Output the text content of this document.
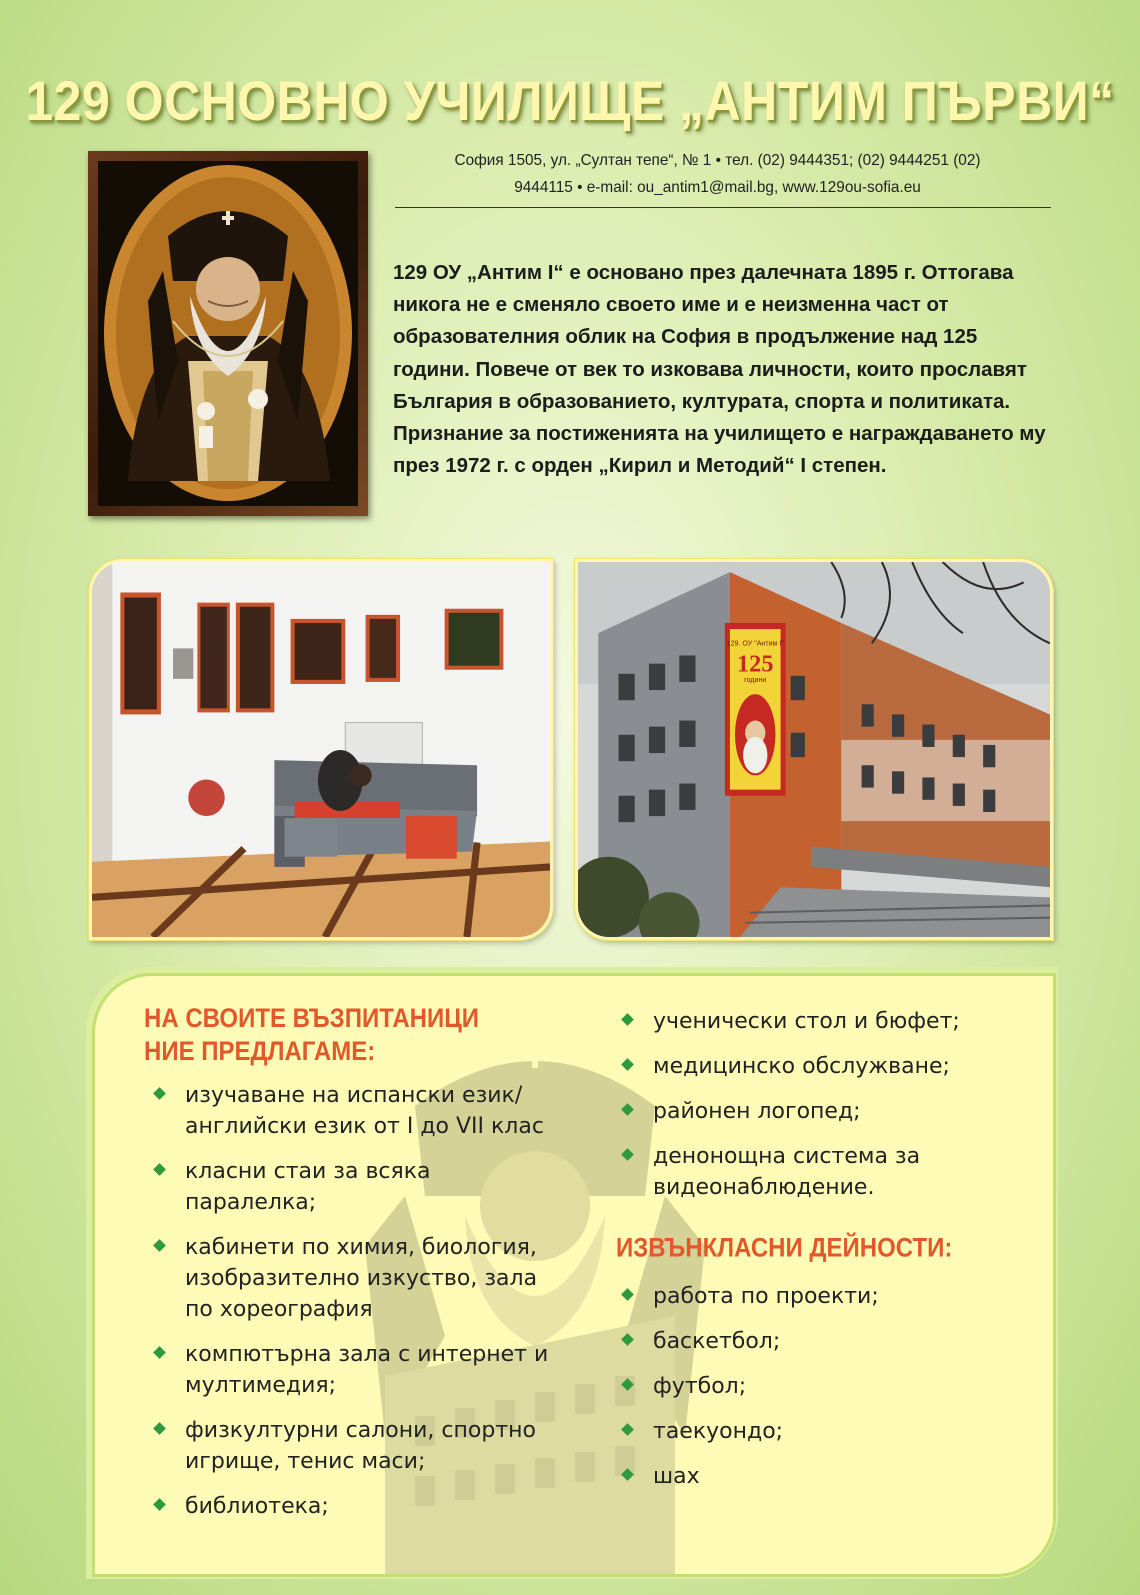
129 ОСНОВНО УЧИЛИЩЕ „АНТИМ ПЪРВИ“
София 1505, ул. „Султан тепе“, № 1 • тел. (02) 9444351; (02) 9444251 (02)
9444115 • e-mail: ou_antim1@mail.bg, www.129ou-sofia.eu
129 ОУ „Антим I“ е основано през далечната 1895 г. Оттогава никога не е сменяло своето име и е неизменна част от образователния облик на София в продължение над 125 години. Повече от век то изковава личности, които прославят България в образованието, културата, спорта и политиката. Признание за постиженията на училището е награждаването му през 1972 г. с орден „Кирил и Методий“ I степен.
129. ОУ "Антим I"
125
години
НА СВОИТЕ ВЪЗПИТАНИЦИ
НИЕ ПРЕДЛАГАМЕ:
изучаване на испански език/ английски език от I до VII клас
класни стаи за всяка паралелка;
кабинети по химия, биология, изобразително изкуство, зала по хореография
компютърна зала с интернет и мултимедия;
физкултурни салони, спортно игрище, тенис маси;
библиотека;
ученически стол и бюфет;
медицинско обслужване;
районен логопед;
денонощна система за видеонаблюдение.
ИЗВЪНКЛАСНИ ДЕЙНОСТИ:
работа по проекти;
баскетбол;
футбол;
таекуондо;
шах
